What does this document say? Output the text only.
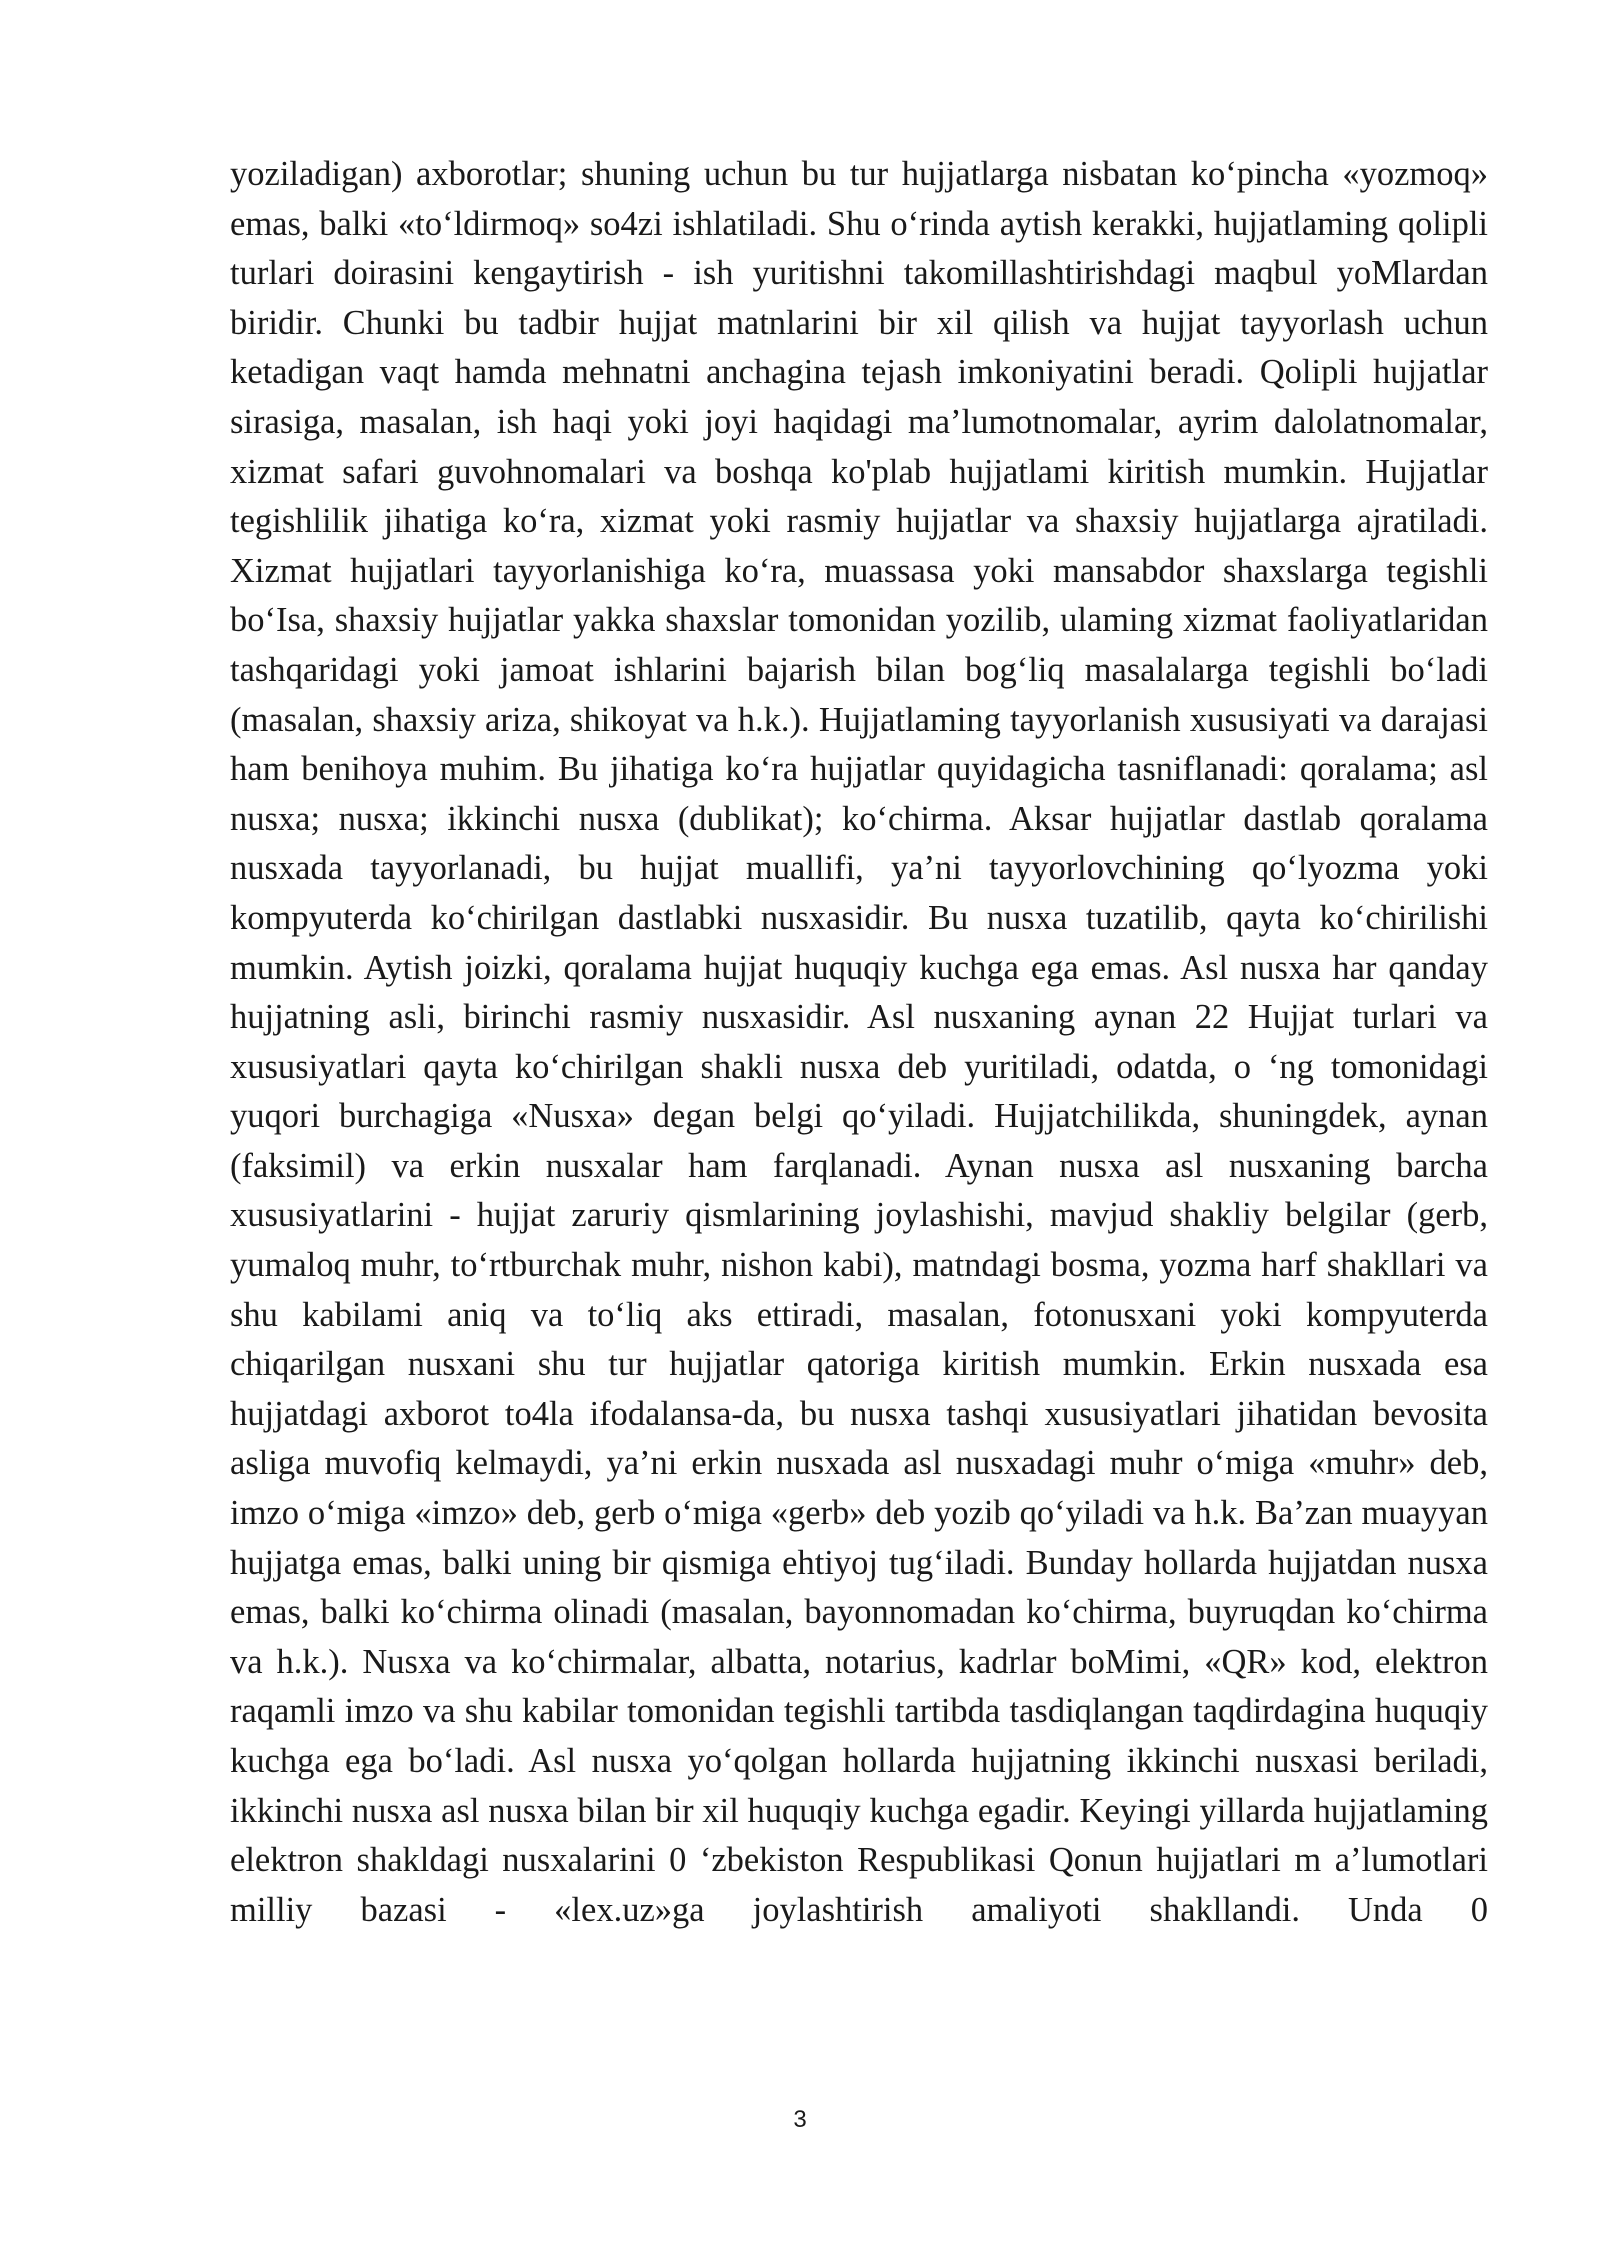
yoziladigan) axborotlar; shuning uchun bu tur hujjatlarga nisbatan ko‘pincha «yozmoq» emas, balki «to‘ldirmoq» so4zi ishlatiladi. Shu o‘rinda aytish kerakki, hujjatlaming qolipli turlari doirasini kengaytirish - ish yuritishni takomillashtirishdagi maqbul yoMlardan biridir. Chunki bu tadbir hujjat matnlarini bir xil qilish va hujjat tayyorlash uchun ketadigan vaqt hamda mehnatni anchagina tejash imkoniyatini beradi. Qolipli hujjatlar sirasiga, masalan, ish haqi yoki joyi haqidagi ma’lumotnomalar, ayrim dalolatnomalar, xizmat safari guvohnomalari va boshqa ko'plab hujjatlami kiritish mumkin. Hujjatlar tegishlilik jihatiga ko‘ra, xizmat yoki rasmiy hujjatlar va shaxsiy hujjatlarga ajratiladi. Xizmat hujjatlari tayyorlanishiga ko‘ra, muassasa yoki mansabdor shaxslarga tegishli bo‘Isa, shaxsiy hujjatlar yakka shaxslar tomonidan yozilib, ulaming xizmat faoliyatlaridan tashqaridagi yoki jamoat ishlarini bajarish bilan bog‘liq masalalarga tegishli bo‘ladi (masalan, shaxsiy ariza, shikoyat va h.k.). Hujjatlaming tayyorlanish xususiyati va darajasi ham benihoya muhim. Bu jihatiga ko‘ra hujjatlar quyidagicha tasniflanadi: qoralama; asl nusxa; nusxa; ikkinchi nusxa (dublikat); ko‘chirma. Aksar hujjatlar dastlab qoralama nusxada tayyorlanadi, bu hujjat muallifi, ya’ni tayyorlovchining qo‘lyozma yoki kompyuterda ko‘chirilgan dastlabki nusxasidir. Bu nusxa tuzatilib, qayta ko‘chirilishi mumkin. Aytish joizki, qoralama hujjat huquqiy kuchga ega emas. Asl nusxa har qanday hujjatning asli, birinchi rasmiy nusxasidir. Asl nusxaning aynan 22 Hujjat turlari va xususiyatlari qayta ko‘chirilgan shakli nusxa deb yuritiladi, odatda, o ‘ng tomonidagi yuqori burchagiga «Nusxa» degan belgi qo‘yiladi. Hujjatchilikda, shuningdek, aynan (faksimil) va erkin nusxalar ham farqlanadi. Aynan nusxa asl nusxaning barcha xususiyatlarini - hujjat zaruriy qismlarining joylashishi, mavjud shakliy belgilar (gerb, yumaloq muhr, to‘rtburchak muhr, nishon kabi), matndagi bosma, yozma harf shakllari va shu kabilami aniq va to‘liq aks ettiradi, masalan, fotonusxani yoki kompyuterda chiqarilgan nusxani shu tur hujjatlar qatoriga kiritish mumkin. Erkin nusxada esa hujjatdagi axborot to4la ifodalansa-da, bu nusxa tashqi xususiyatlari jihatidan bevosita asliga muvofiq kelmaydi, ya’ni erkin nusxada asl nusxadagi muhr o‘miga «muhr» deb, imzo o‘miga «imzo» deb, gerb o‘miga «gerb» deb yozib qo‘yiladi va h.k. Ba’zan muayyan hujjatga emas, balki uning bir qismiga ehtiyoj tug‘iladi. Bunday hollarda hujjatdan nusxa emas, balki ko‘chirma olinadi (masalan, bayonnomadan ko‘chirma, buyruqdan ko‘chirma va h.k.). Nusxa va ko‘chirmalar, albatta, notarius, kadrlar boMimi, «QR» kod, elektron raqamli imzo va shu kabilar tomonidan tegishli tartibda tasdiqlangan taqdirdagina huquqiy kuchga ega bo‘ladi. Asl nusxa yo‘qolgan hollarda hujjatning ikkinchi nusxasi beriladi, ikkinchi nusxa asl nusxa bilan bir xil huquqiy kuchga egadir. Keyingi yillarda hujjatlaming elektron shakldagi nusxalarini 0 ‘zbekiston Respublikasi Qonun hujjatlari m a’lumotlari milliy bazasi - «lex.uz»ga joylashtirish amaliyoti shakllandi. Unda 0

3
